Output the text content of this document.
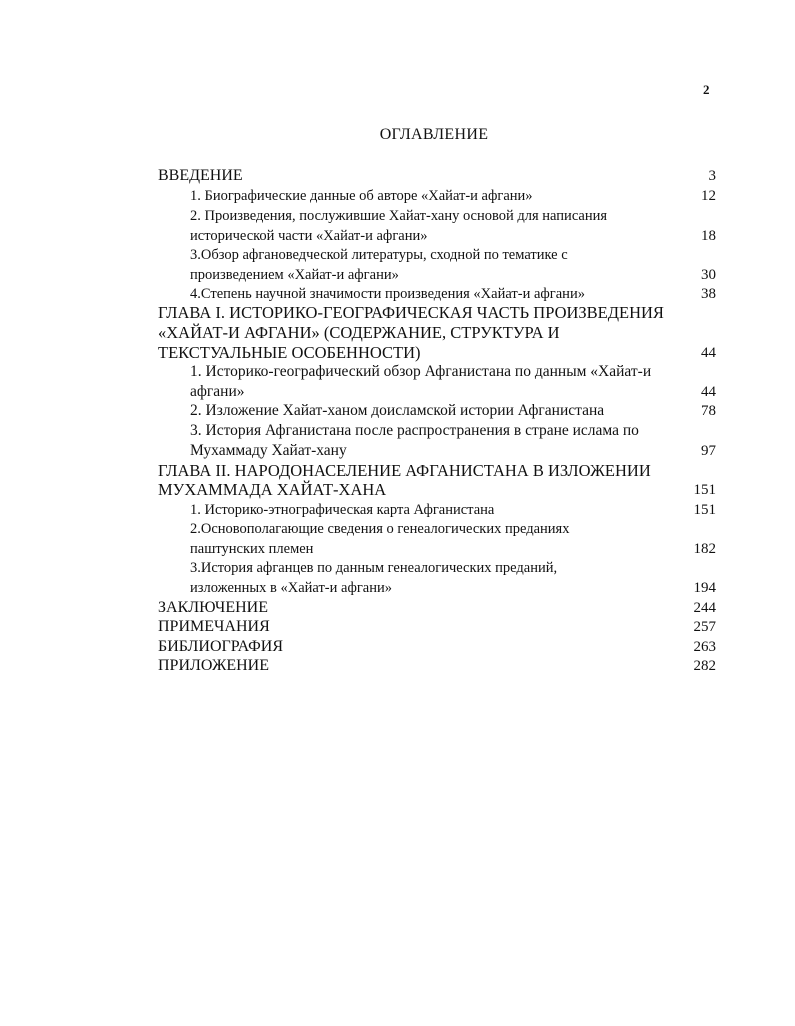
2
ОГЛАВЛЕНИЕ
ВВЕДЕНИЕ	3
1. Биографические данные об авторе «Хайат-и афгани»	12
2. Произведения, послужившие Хайат-хану основой для написания
исторической части «Хайат-и афгани»	18
3.Обзор афгановедческой литературы, сходной по тематике с
произведением «Хайат-и афгани»	30
4.Степень научной значимости произведения «Хайат-и афгани»	38
ГЛАВА I. ИСТОРИКО-ГЕОГРАФИЧЕСКАЯ ЧАСТЬ ПРОИЗВЕДЕНИЯ
«ХАЙАТ-И АФГАНИ» (СОДЕРЖАНИЕ, СТРУКТУРА И
ТЕКСТУАЛЬНЫЕ ОСОБЕННОСТИ)	44
1. Историко-географический обзор Афганистана по данным «Хайат-и
афгани»	44
2. Изложение Хайат-ханом доисламской истории Афганистана	78
3. История Афганистана после распространения в стране ислама по
Мухаммаду Хайат-хану	97
ГЛАВА II. НАРОДОНАСЕЛЕНИЕ АФГАНИСТАНА В ИЗЛОЖЕНИИ
МУХАММАДА ХАЙАТ-ХАНА	151
1. Историко-этнографическая карта Афганистана	151
2.Основополагающие сведения о генеалогических преданиях
паштунских племен	182
3.История афганцев по данным генеалогических преданий,
изложенных в «Хайат-и афгани»	194
ЗАКЛЮЧЕНИЕ	244
ПРИМЕЧАНИЯ	257
БИБЛИОГРАФИЯ	263
ПРИЛОЖЕНИЕ	282
